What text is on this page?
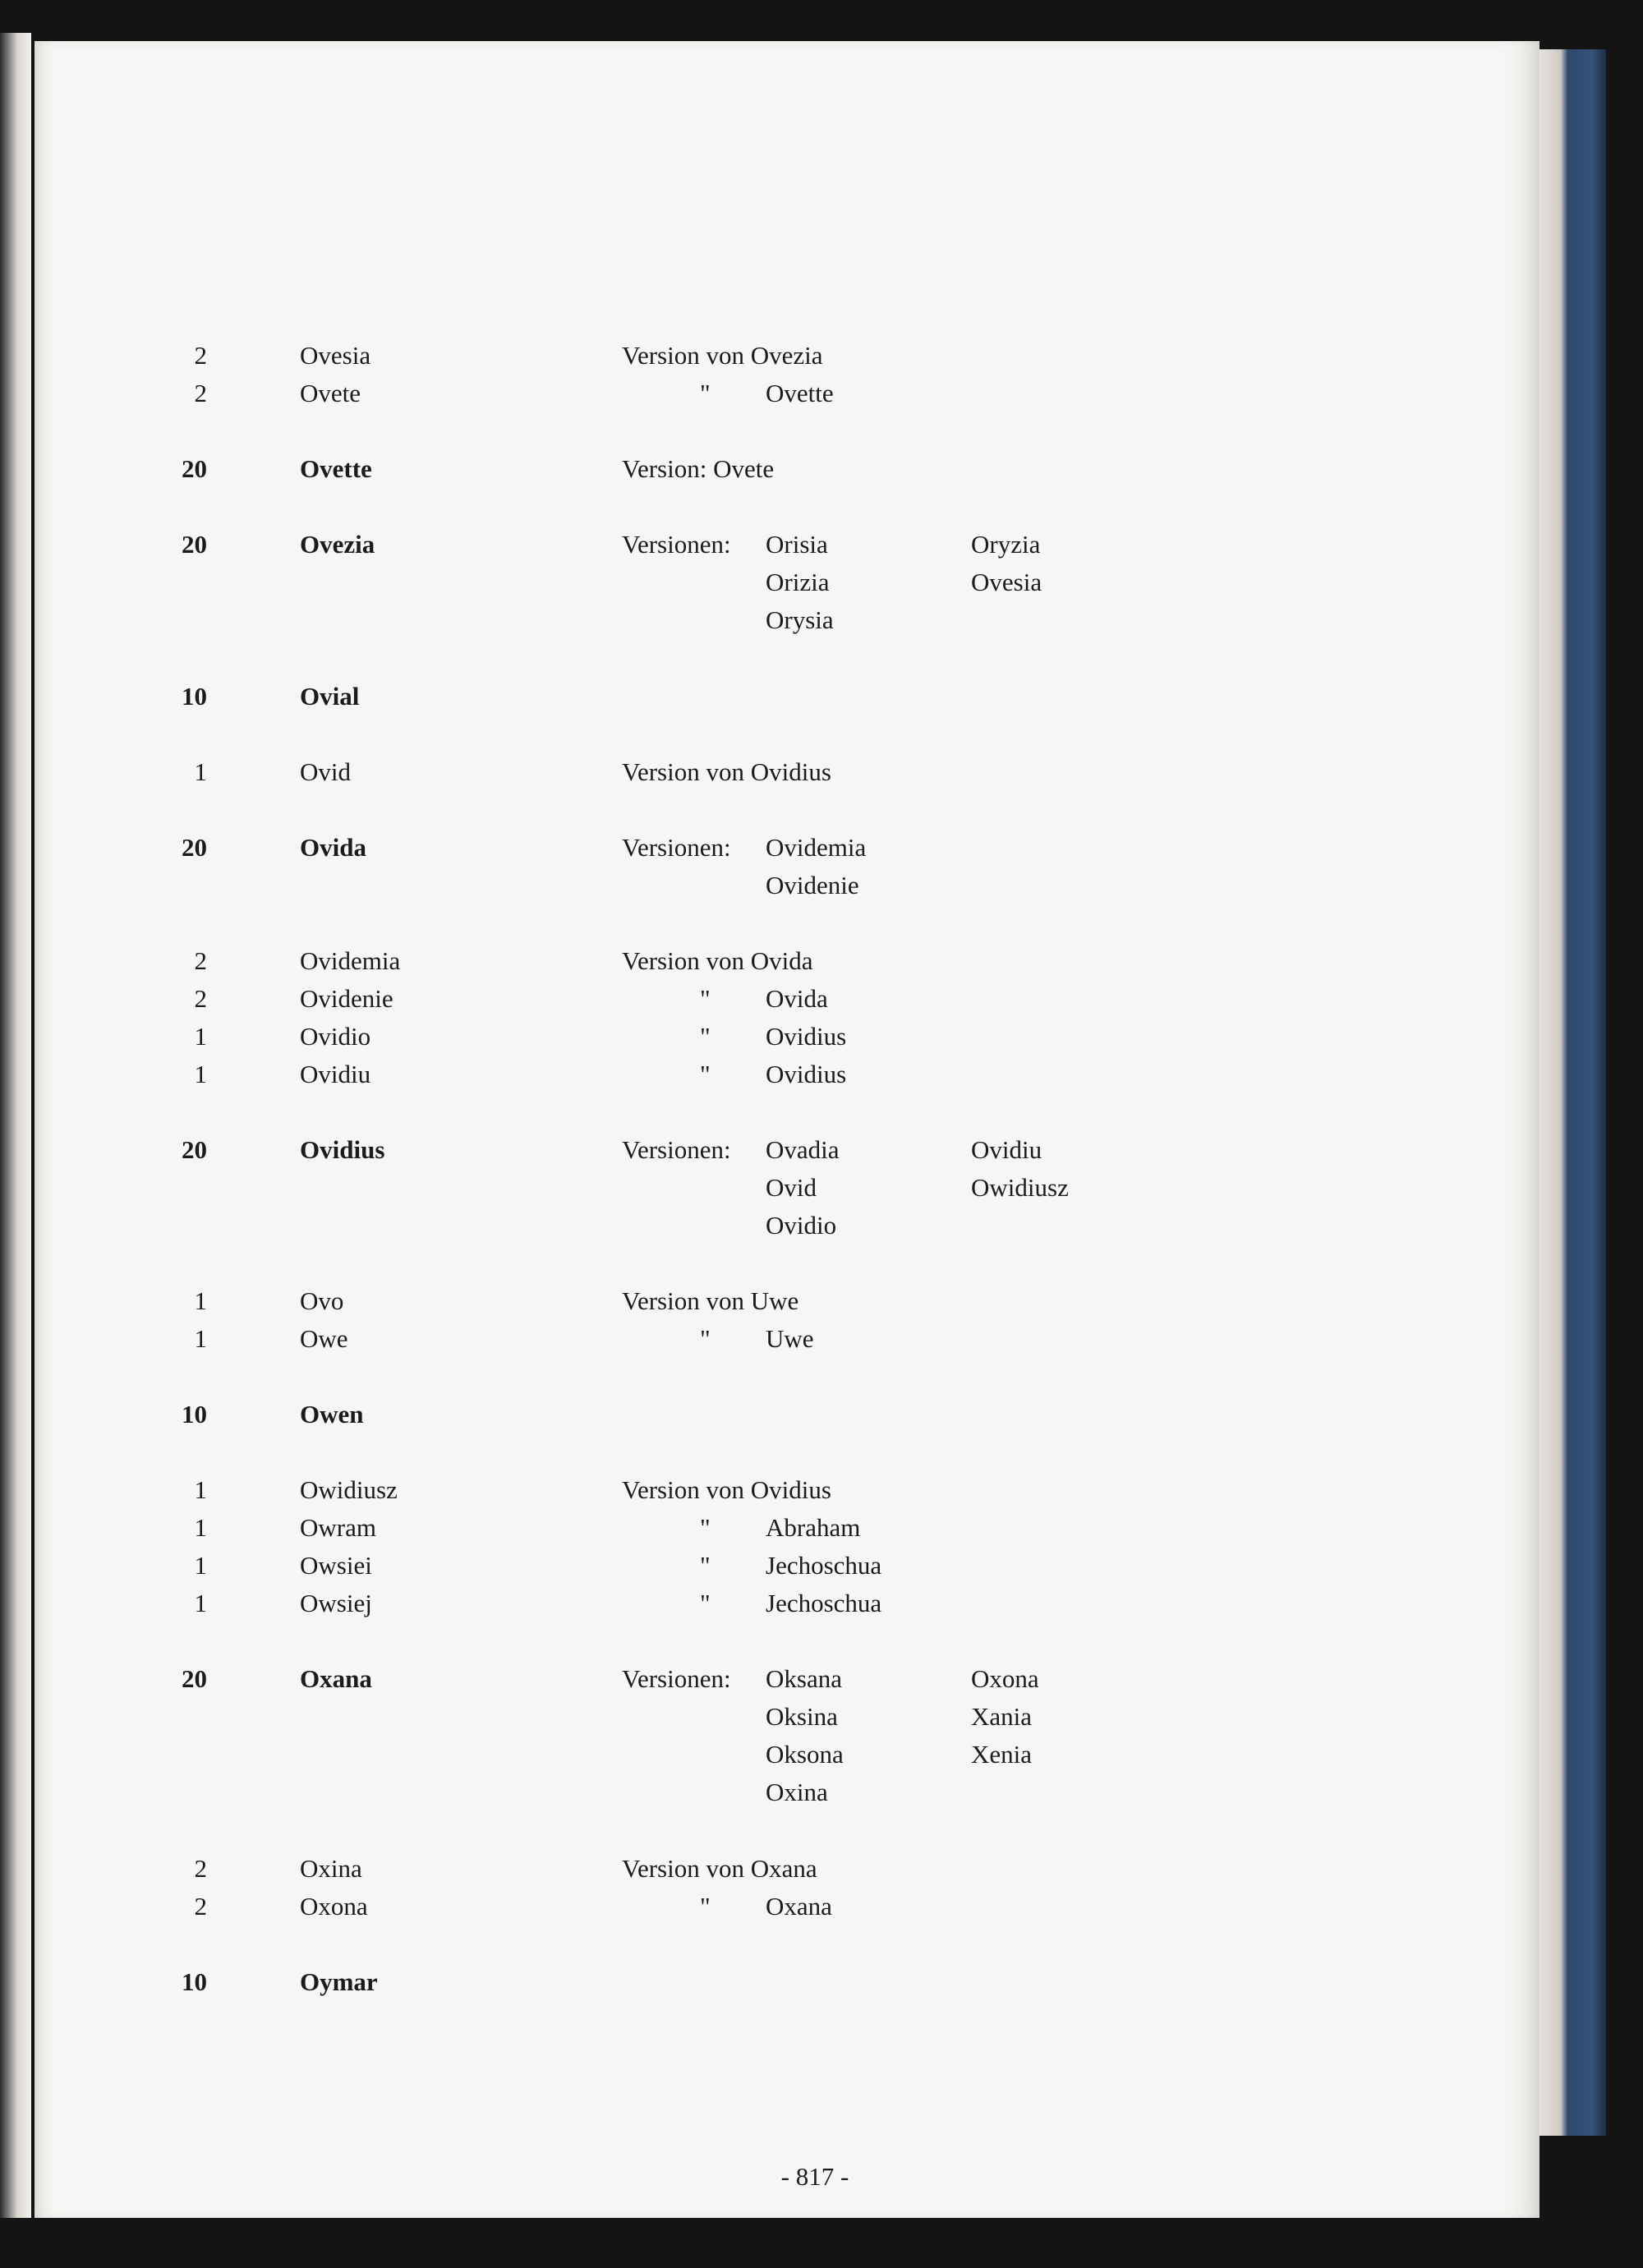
2	Ovesia	Version von Ovezia
2	Ovete	" Ovette
20	Ovette	Version: Ovete
20	Ovezia	Versionen: Orisia	Oryzia
Orizia	Ovesia
Orysia
10	Ovial
1	Ovid	Version von Ovidius
20	Ovida	Versionen: Ovidemia
Ovidenie
2	Ovidemia	Version von Ovida
2	Ovidenie	" Ovida
1	Ovidio	" Ovidius
1	Ovidiu	" Ovidius
20	Ovidius	Versionen: Ovadia	Ovidiu
Ovid	Owidiusz
Ovidio
1	Ovo	Version von Uwe
1	Owe	" Uwe
10	Owen
1	Owidiusz	Version von Ovidius
1	Owram	" Abraham
1	Owsiei	" Jechoschua
1	Owsiej	" Jechoschua
20	Oxana	Versionen: Oksana	Oxona
Oksina	Xania
Oksona	Xenia
Oxina
2	Oxina	Version von Oxana
2	Oxona	" Oxana
10	Oymar
- 817 -
